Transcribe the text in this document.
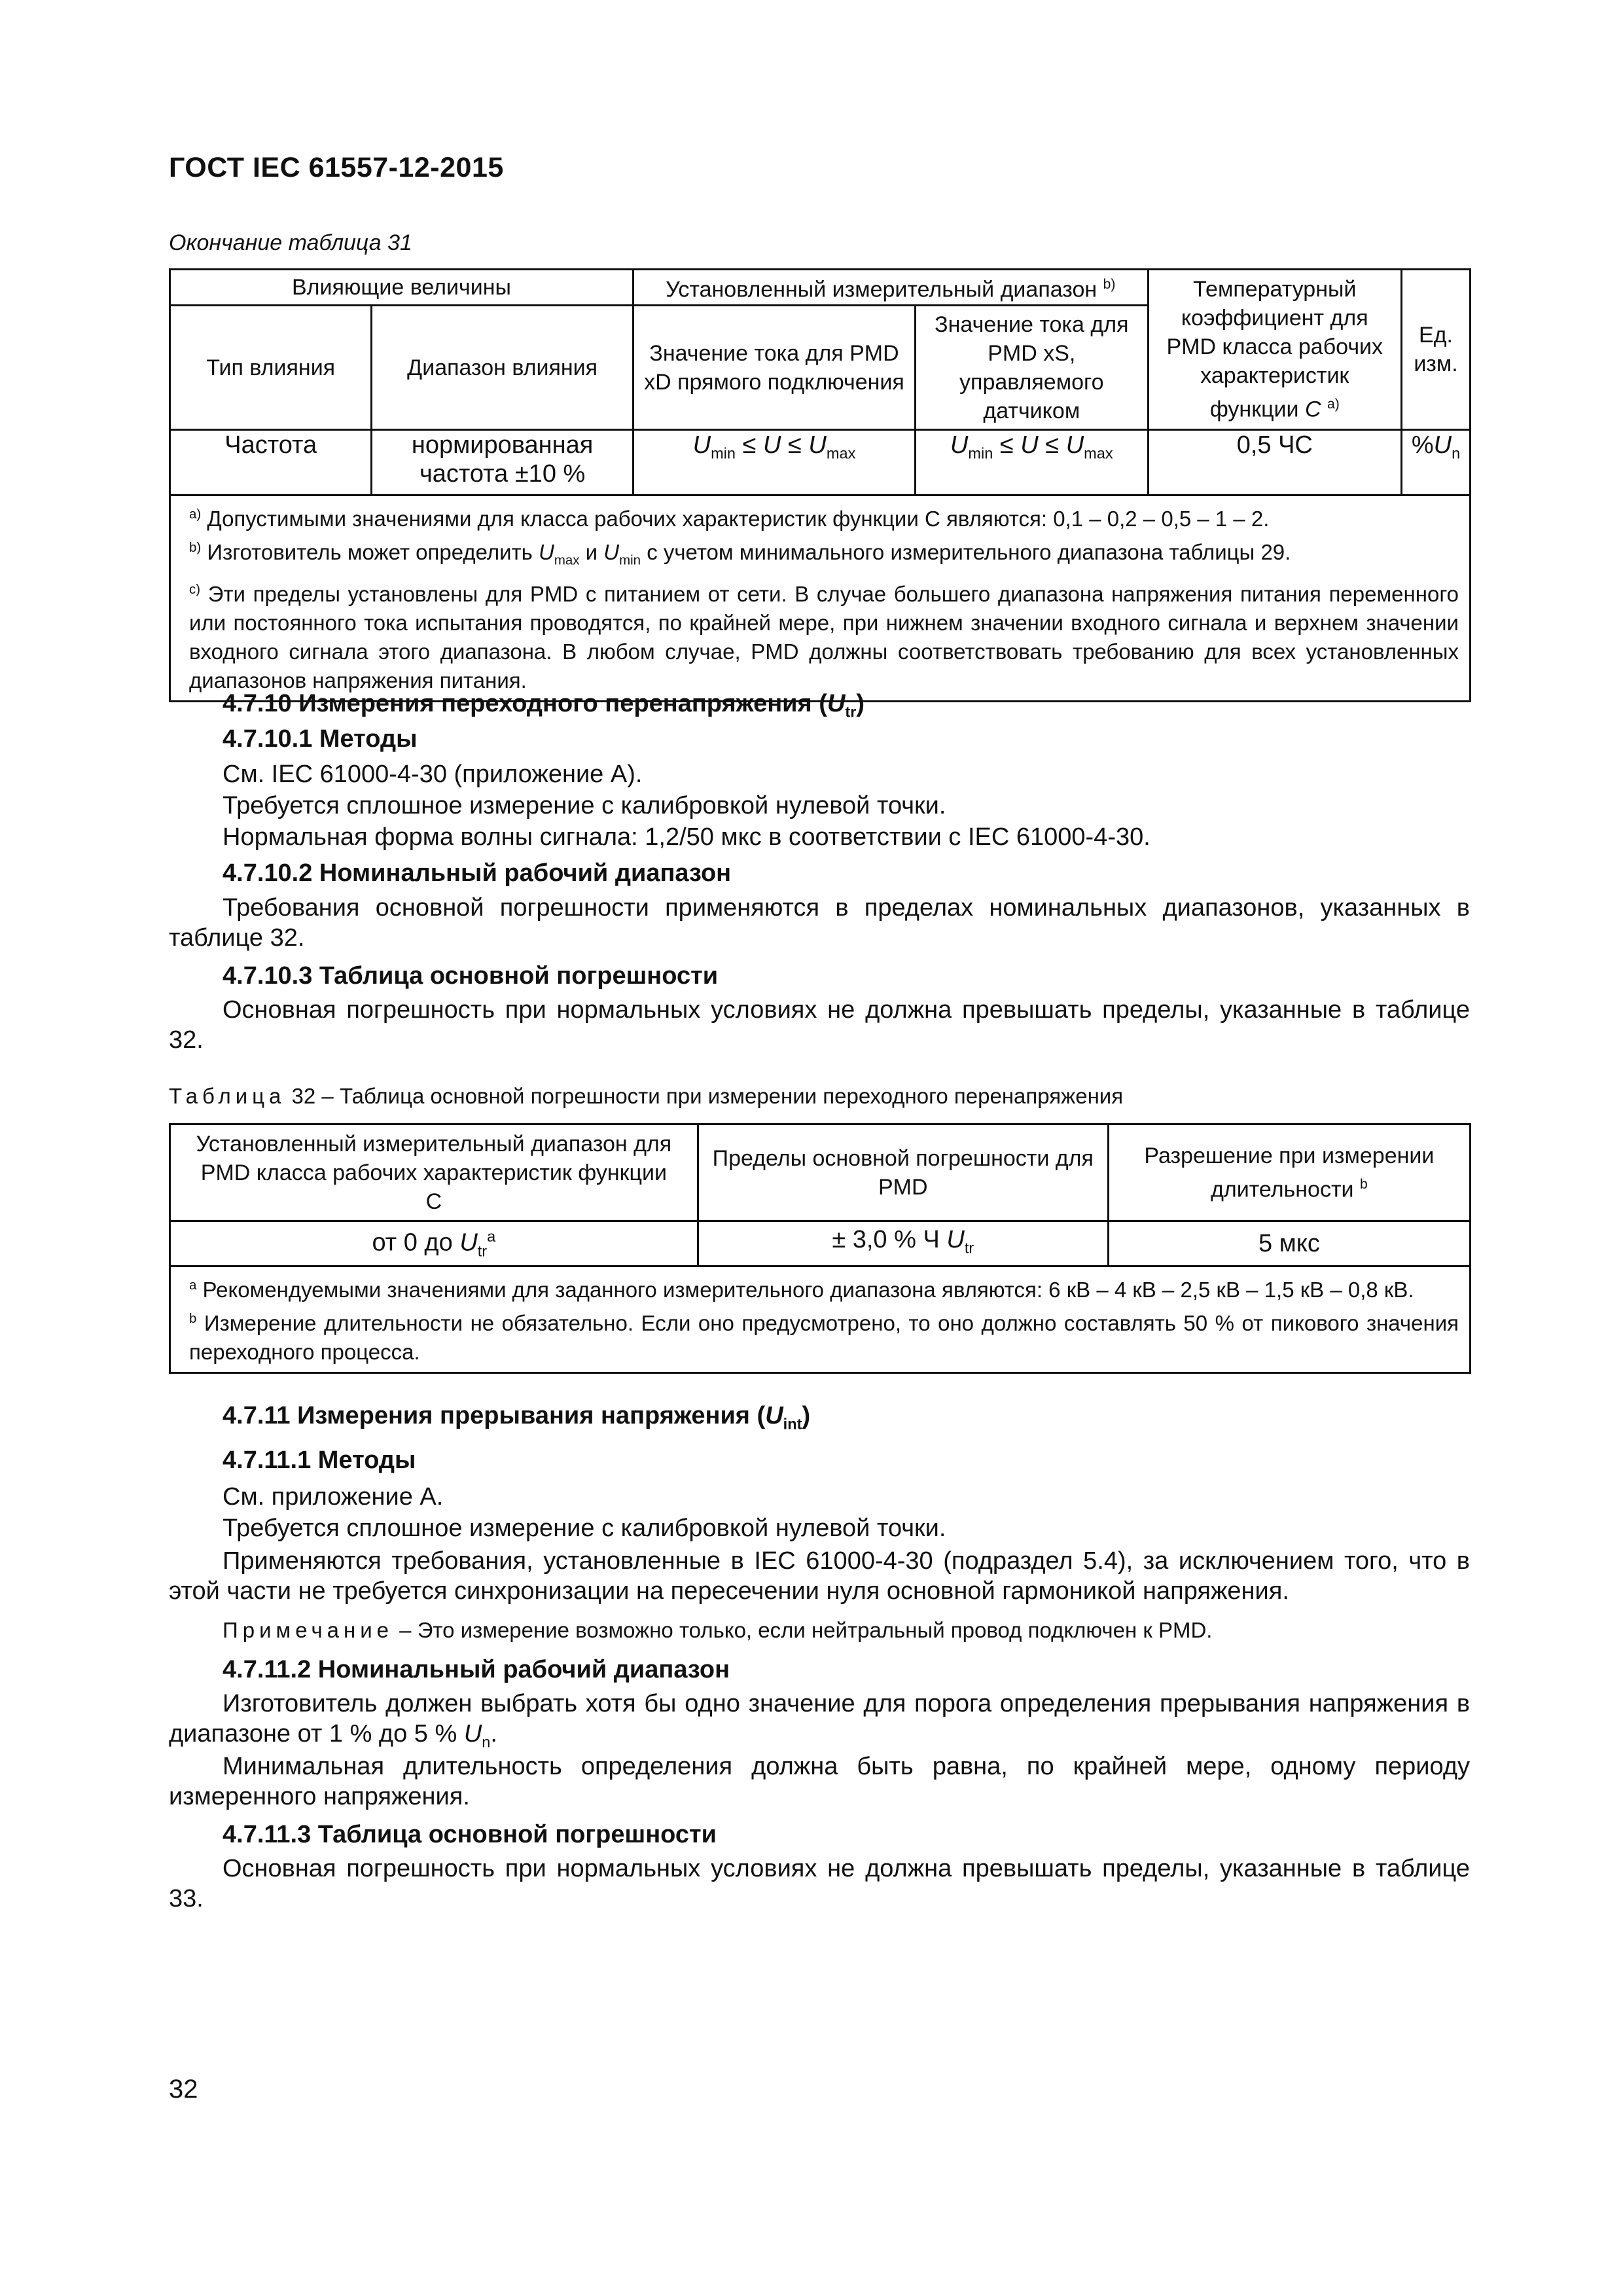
ГОСТ IEC 61557-12-2015
Окончание таблица 31
Влияющие величины		Установленный измерительный диапазон $^{b)}$		Температурный коэффициент для PMD класса рабочих характеристик функции C $^{a)}$	Ед. изм.
Тип влияния	Диапазон влияния	Значение тока для PMD xD прямого подключения	Значение тока для PMD xS, управляемого датчиком		
Частота	нормированная частота ±10 %	$U_{min} \le U \le U_{max}$	$U_{min} \le U \le U_{max}$	0,5 ЧС	$\%U_n$

$^{a)}$ Допустимыми значениями для класса рабочих характеристик функции C являются: 0,1 – 0,2 – 0,5 – 1 – 2.
$^{b)}$ Изготовитель может определить $U_{max}$ и $U_{min}$ с учетом минимального измерительного диапазона таблицы 29.
$^{c)}$ Эти пределы установлены для PMD с питанием от сети. В случае большего диапазона напряжения питания переменного или постоянного тока испытания проводятся, по крайней мере, при нижнем значении входного сигнала и верхнем значении входного сигнала этого диапазона. В любом случае, PMD должны соответствовать требованию для всех установленных диапазонов напряжения питания.					
4.7.10 Измерения переходного перенапряжения $(U_{tr})$
4.7.10.1 Методы
См. IEC 61000-4-30 (приложение А).
Требуется сплошное измерение с калибровкой нулевой точки.
Нормальная форма волны сигнала: 1,2/50 мкс в соответствии с IEC 61000-4-30.
4.7.10.2 Номинальный рабочий диапазон
Требования основной погрешности применяются в пределах номинальных диапазонов, указанных в таблице 32.
4.7.10.3 Таблица основной погрешности
Основная погрешность при нормальных условиях не должна превышать пределы, указанные в таблице 32.
Таблица 32 – Таблица основной погрешности при измерении переходного перенапряжения
Установленный измерительный диапазон для PMD класса рабочих характеристик функции C	Пределы основной погрешности для PMD	Разрешение при измерении длительности $^b$
от 0 до $U_{tr}^a$	± 3,0 % Ч $U_{tr}$	5 мкс

$^a$ Рекомендуемыми значениями для заданного измерительного диапазона являются: 6 кВ – 4 кВ – 2,5 кВ – 1,5 кВ – 0,8 кВ.
$^b$ Измерение длительности не обязательно. Если оно предусмотрено, то оно должно составлять 50 % от пикового значения переходного процесса.		
4.7.11 Измерения прерывания напряжения $(U_{int})$
4.7.11.1 Методы
См. приложение А.
Требуется сплошное измерение с калибровкой нулевой точки.
Применяются требования, установленные в IEC 61000-4-30 (подраздел 5.4), за исключением того, что в этой части не требуется синхронизации на пересечении нуля основной гармоникой напряжения.
Примечание – Это измерение возможно только, если нейтральный провод подключен к PMD.
4.7.11.2 Номинальный рабочий диапазон
Изготовитель должен выбрать хотя бы одно значение для порога определения прерывания напряжения в диапазоне от 1 % до 5 % $U_n$.
Минимальная длительность определения должна быть равна, по крайней мере, одному периоду измеренного напряжения.
4.7.11.3 Таблица основной погрешности
Основная погрешность при нормальных условиях не должна превышать пределы, указанные в таблице 33.
32
